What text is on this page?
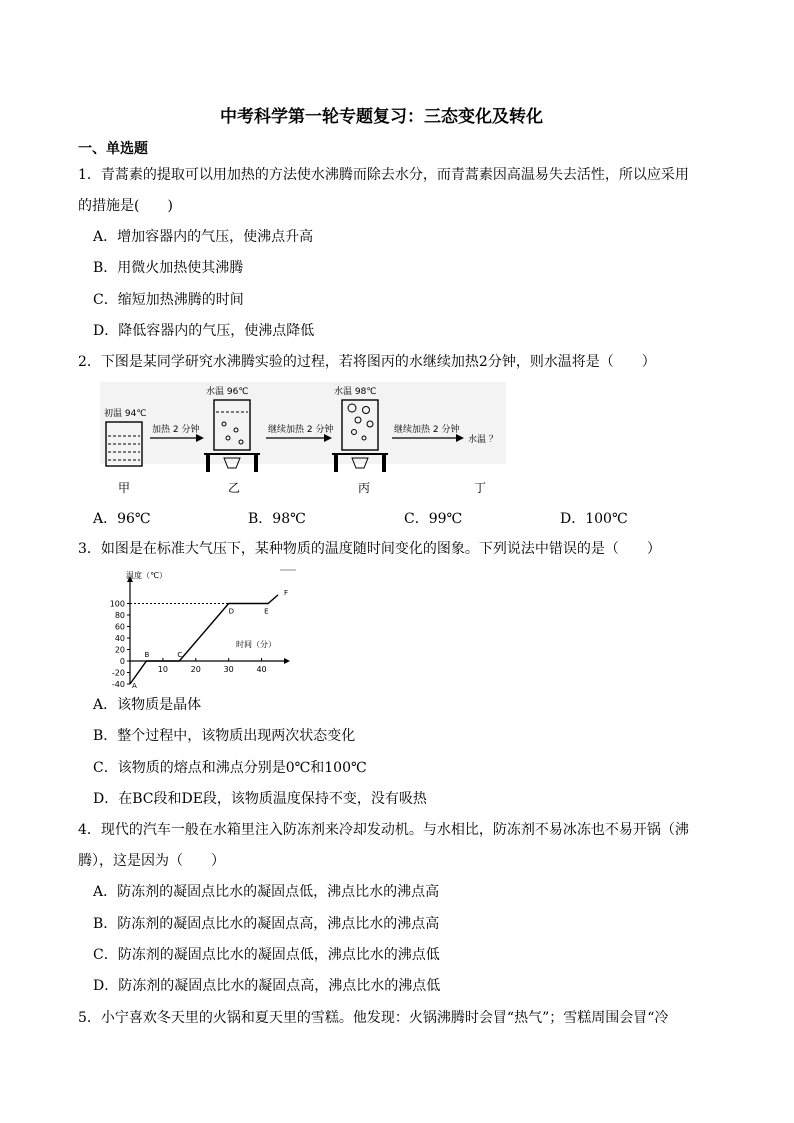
中考科学第一轮专题复习：三态变化及转化
一、单选题
1．青蒿素的提取可以用加热的方法使水沸腾而除去水分，而青蒿素因高温易失去活性，所以应采用
的措施是(　　)
A．增加容器内的气压，使沸点升高
B．用微火加热使其沸腾
C．缩短加热沸腾的时间
D．降低容器内的气压，使沸点降低
2．下图是某同学研究水沸腾实验的过程，若将图丙的水继续加热2分钟，则水温将是（　　）
初温 94℃
加热 2 分钟
水温 96℃
继续加热 2 分钟
水温 98℃
继续加热 2 分钟
水温 ？
甲	乙	丙	丁
A．96℃	B．98℃	C．99℃	D．100℃
3．如图是在标准大气压下，某种物质的温度随时间变化的图象。下列说法中错误的是（　　）
温度（℃）
时间（分）
100
80
60
40
20
0
-20
-40
10	20	30	40
A
B	C
D	E
F
A．该物质是晶体
B．整个过程中，该物质出现两次状态变化
C．该物质的熔点和沸点分别是0℃和100℃
D．在BC段和DE段，该物质温度保持不变，没有吸热
4．现代的汽车一般在水箱里注入防冻剂来冷却发动机。与水相比，防冻剂不易冰冻也不易开锅（沸
腾），这是因为（　　）
A．防冻剂的凝固点比水的凝固点低，沸点比水的沸点高
B．防冻剂的凝固点比水的凝固点高，沸点比水的沸点高
C．防冻剂的凝固点比水的凝固点低，沸点比水的沸点低
D．防冻剂的凝固点比水的凝固点高，沸点比水的沸点低
5．小宁喜欢冬天里的火锅和夏天里的雪糕。他发现：火锅沸腾时会冒“热气”；雪糕周围会冒“冷
